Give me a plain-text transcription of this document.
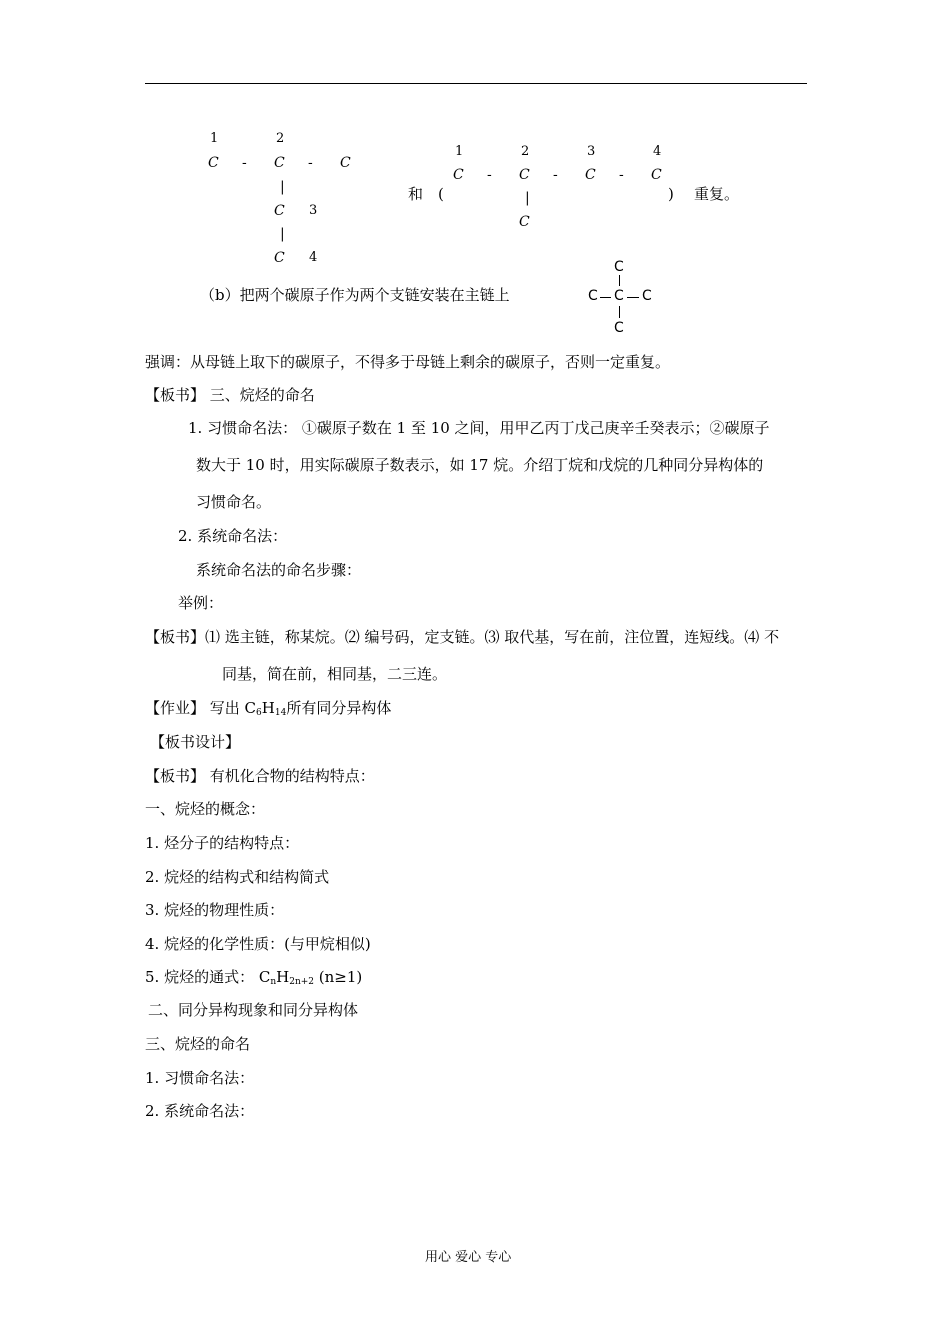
1	2
C - C - C
|
C 3
|
C 4
1	2	3	4
C - C - C - C
和 (	|	) 重复。
C
（b）把两个碳原子作为两个支链安装在主链上
C
C C C
C
强调：从母链上取下的碳原子，不得多于母链上剩余的碳原子，否则一定重复。
【板书】 三、烷烃的命名
1. 习惯命名法： ①碳原子数在 1 至 10 之间，用甲乙丙丁戊己庚辛壬癸表示；②碳原子
数大于 10 时，用实际碳原子数表示，如 17 烷。介绍丁烷和戊烷的几种同分异构体的
习惯命名。
2. 系统命名法：
系统命名法的命名步骤：
举例：
【板书】⑴ 选主链，称某烷。⑵ 编号码，定支链。⑶ 取代基，写在前，注位置，连短线。⑷ 不
同基，简在前，相同基，二三连。
【作业】 写出 $C_6H_{14}$所有同分异构体
【板书设计】
【板书】 有机化合物的结构特点：
一、烷烃的概念：
1. 烃分子的结构特点：
2. 烷烃的结构式和结构简式
3. 烷烃的物理性质：
4. 烷烃的化学性质：(与甲烷相似)
5. 烷烃的通式： $C_nH_{2n+2}$ (n≥1)
二、同分异构现象和同分异构体
三、烷烃的命名
1. 习惯命名法：
2. 系统命名法：
用心 爱心 专心
